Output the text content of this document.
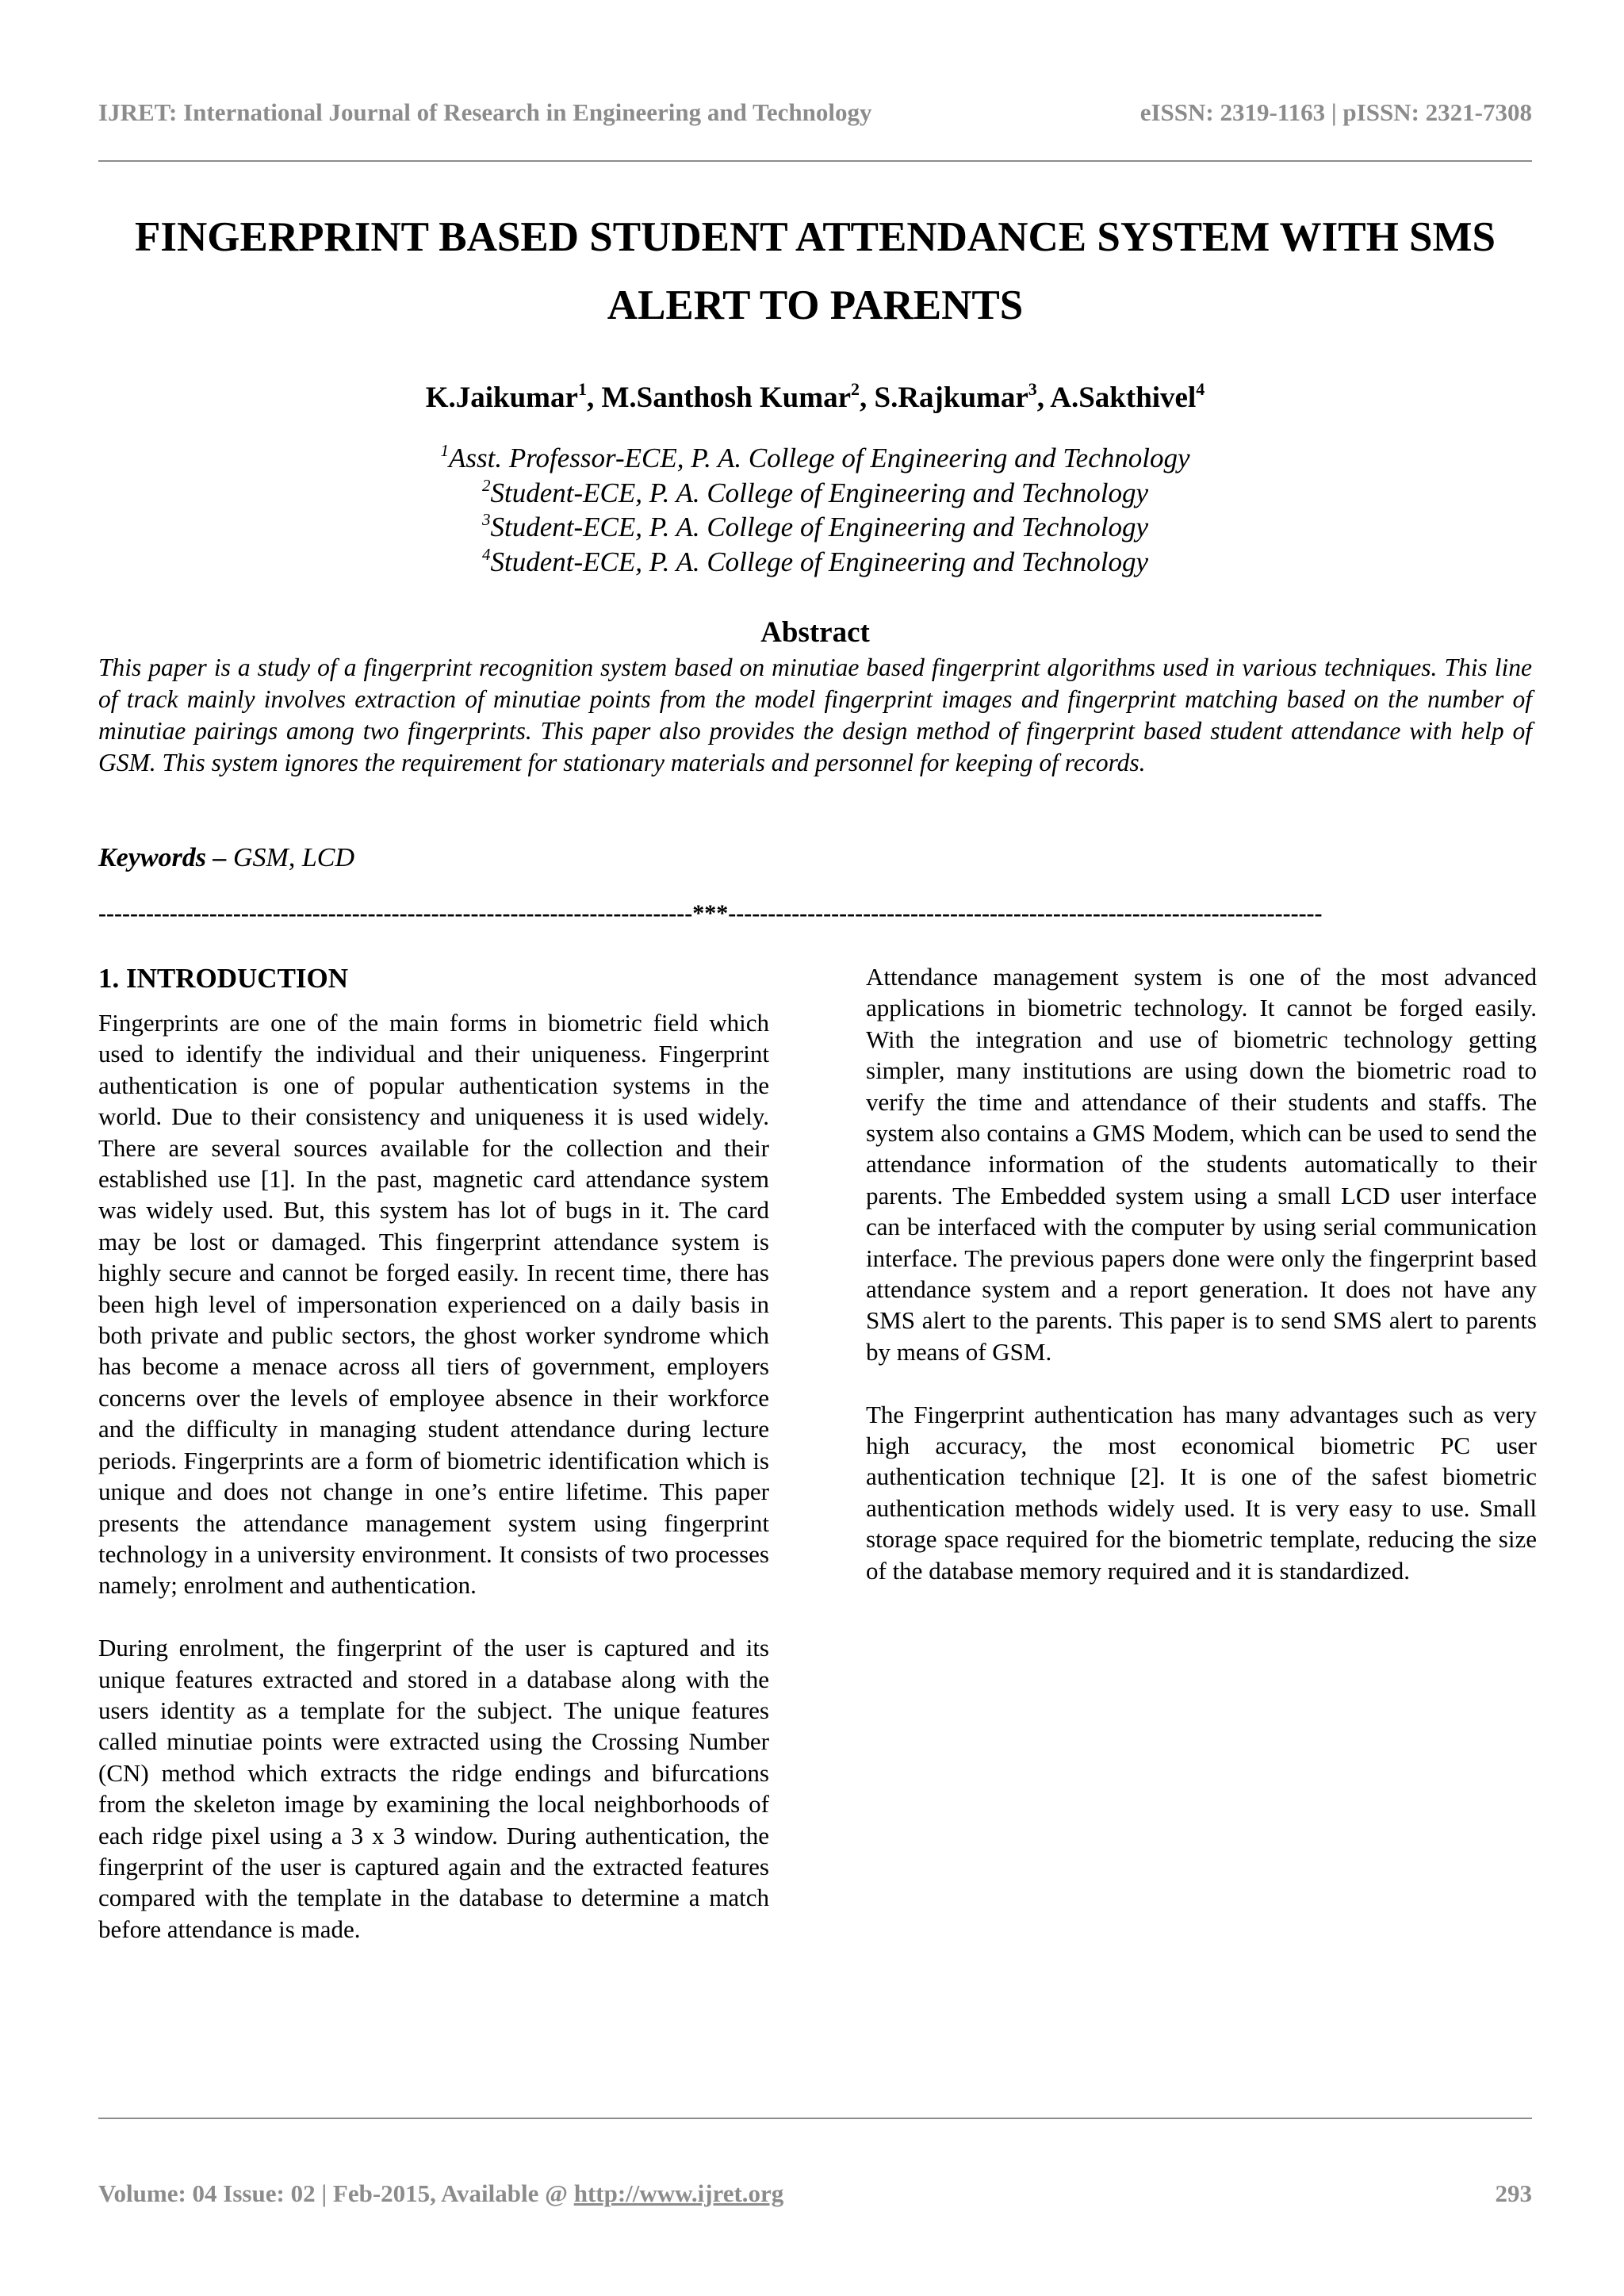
IJRET: International Journal of Research in Engineering and Technology	eISSN: 2319-1163 | pISSN: 2321-7308
FINGERPRINT BASED STUDENT ATTENDANCE SYSTEM WITH SMS
ALERT TO PARENTS
K.Jaikumar$^1$, M.Santhosh Kumar$^2$, S.Rajkumar$^3$, A.Sakthivel$^4$
$^1$Asst. Professor-ECE, P. A. College of Engineering and Technology
$^2$Student-ECE, P. A. College of Engineering and Technology
$^3$Student-ECE, P. A. College of Engineering and Technology
$^4$Student-ECE, P. A. College of Engineering and Technology
Abstract
This paper is a study of a fingerprint recognition system based on minutiae based fingerprint algorithms used in various techniques. This line of track mainly involves extraction of minutiae points from the model fingerprint images and fingerprint matching based on the number of minutiae pairings among two fingerprints. This paper also provides the design method of fingerprint based student attendance with help of GSM. This system ignores the requirement for stationary materials and personnel for keeping of records.
Keywords – GSM, LCD
---------------------------------------------------------------------------***---------------------------------------------------------------------------
1. INTRODUCTION

Fingerprints are one of the main forms in biometric field which used to identify the individual and their uniqueness. Fingerprint authentication is one of popular authentication systems in the world. Due to their consistency and uniqueness it is used widely. There are several sources available for the collection and their established use [1]. In the past, magnetic card attendance system was widely used. But, this system has lot of bugs in it. The card may be lost or damaged. This fingerprint attendance system is highly secure and cannot be forged easily. In recent time, there has been high level of impersonation experienced on a daily basis in both private and public sectors, the ghost worker syndrome which has become a menace across all tiers of government, employers concerns over the levels of employee absence in their workforce and the difficulty in managing student attendance during lecture periods. Fingerprints are a form of biometric identification which is unique and does not change in one’s entire lifetime. This paper presents the attendance management system using fingerprint technology in a university environment. It consists of two processes namely; enrolment and authentication.

During enrolment, the fingerprint of the user is captured and its unique features extracted and stored in a database along with the users identity as a template for the subject. The unique features called minutiae points were extracted using the Crossing Number (CN) method which extracts the ridge endings and bifurcations from the skeleton image by examining the local neighborhoods of each ridge pixel using a 3 x 3 window. During authentication, the fingerprint of the user is captured again and the extracted features compared with the template in the database to determine a match before attendance is made.

Attendance management system is one of the most advanced applications in biometric technology. It cannot be forged easily. With the integration and use of biometric technology getting simpler, many institutions are using down the biometric road to verify the time and attendance of their students and staffs. The system also contains a GMS Modem, which can be used to send the attendance information of the students automatically to their parents. The Embedded system using a small LCD user interface can be interfaced with the computer by using serial communication interface. The previous papers done were only the fingerprint based attendance system and a report generation. It does not have any SMS alert to the parents. This paper is to send SMS alert to parents by means of GSM.

The Fingerprint authentication has many advantages such as very high accuracy, the most economical biometric PC user authentication technique [2]. It is one of the safest biometric authentication methods widely used. It is very easy to use. Small storage space required for the biometric template, reducing the size of the database memory required and it is standardized.

Volume: 04 Issue: 02 | Feb-2015, Available @ http://www.ijret.org	293
